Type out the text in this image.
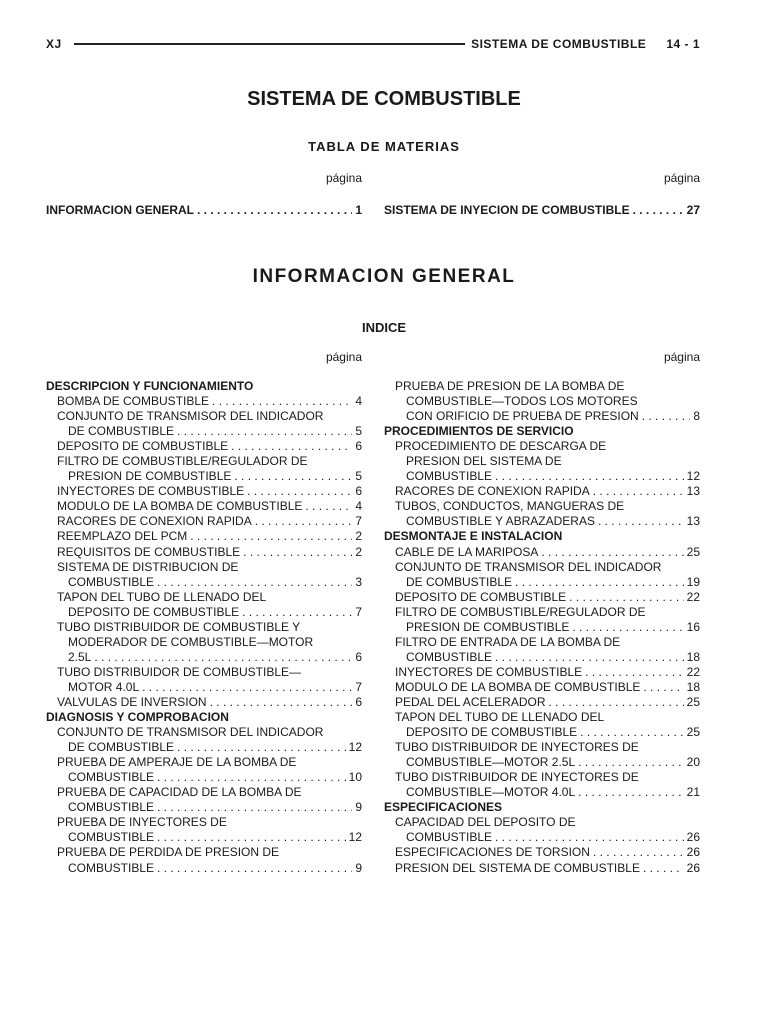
XJ	SISTEMA DE COMBUSTIBLE 14 - 1
SISTEMA DE COMBUSTIBLE
TABLA DE MATERIAS
página
INFORMACION GENERAL . . .	1
página
SISTEMA DE INYECION DE COMBUSTIBLE . . .	27
INFORMACION GENERAL
INDICE
página
DESCRIPCION Y FUNCIONAMIENTO
BOMBA DE COMBUSTIBLE . . .	4
CONJUNTO DE TRANSMISOR DEL INDICADOR
DE COMBUSTIBLE . . .	5
DEPOSITO DE COMBUSTIBLE . . .	6
FILTRO DE COMBUSTIBLE/REGULADOR DE
PRESION DE COMBUSTIBLE . . .	5
INYECTORES DE COMBUSTIBLE . . .	6
MODULO DE LA BOMBA DE COMBUSTIBLE . . .	4
RACORES DE CONEXION RAPIDA . . .	7
REEMPLAZO DEL PCM . . .	2
REQUISITOS DE COMBUSTIBLE . . .	2
SISTEMA DE DISTRIBUCION DE
COMBUSTIBLE . . .	3
TAPON DEL TUBO DE LLENADO DEL
DEPOSITO DE COMBUSTIBLE . . .	7
TUBO DISTRIBUIDOR DE COMBUSTIBLE Y
MODERADOR DE COMBUSTIBLE—MOTOR
2.5L . . .	6
TUBO DISTRIBUIDOR DE COMBUSTIBLE—
MOTOR 4.0L . . .	7
VALVULAS DE INVERSION . . .	6
DIAGNOSIS Y COMPROBACION
CONJUNTO DE TRANSMISOR DEL INDICADOR
DE COMBUSTIBLE . . .	12
PRUEBA DE AMPERAJE DE LA BOMBA DE
COMBUSTIBLE . . .	10
PRUEBA DE CAPACIDAD DE LA BOMBA DE
COMBUSTIBLE . . .	9
PRUEBA DE INYECTORES DE
COMBUSTIBLE . . .	12
PRUEBA DE PERDIDA DE PRESION DE
COMBUSTIBLE . . .	9
página
PRUEBA DE PRESION DE LA BOMBA DE
COMBUSTIBLE—TODOS LOS MOTORES
CON ORIFICIO DE PRUEBA DE PRESION . . .	8
PROCEDIMIENTOS DE SERVICIO
PROCEDIMIENTO DE DESCARGA DE
PRESION DEL SISTEMA DE
COMBUSTIBLE . . .	12
RACORES DE CONEXION RAPIDA . . .	13
TUBOS, CONDUCTOS, MANGUERAS DE
COMBUSTIBLE Y ABRAZADERAS . . .	13
DESMONTAJE E INSTALACION
CABLE DE LA MARIPOSA . . .	25
CONJUNTO DE TRANSMISOR DEL INDICADOR
DE COMBUSTIBLE . . .	19
DEPOSITO DE COMBUSTIBLE . . .	22
FILTRO DE COMBUSTIBLE/REGULADOR DE
PRESION DE COMBUSTIBLE . . .	16
FILTRO DE ENTRADA DE LA BOMBA DE
COMBUSTIBLE . . .	18
INYECTORES DE COMBUSTIBLE . . .	22
MODULO DE LA BOMBA DE COMBUSTIBLE . . .	18
PEDAL DEL ACELERADOR . . .	25
TAPON DEL TUBO DE LLENADO DEL
DEPOSITO DE COMBUSTIBLE . . .	25
TUBO DISTRIBUIDOR DE INYECTORES DE
COMBUSTIBLE—MOTOR 2.5L . . .	20
TUBO DISTRIBUIDOR DE INYECTORES DE
COMBUSTIBLE—MOTOR 4.0L . . .	21
ESPECIFICACIONES
CAPACIDAD DEL DEPOSITO DE
COMBUSTIBLE . . .	26
ESPECIFICACIONES DE TORSION . . .	26
PRESION DEL SISTEMA DE COMBUSTIBLE . . .	26
